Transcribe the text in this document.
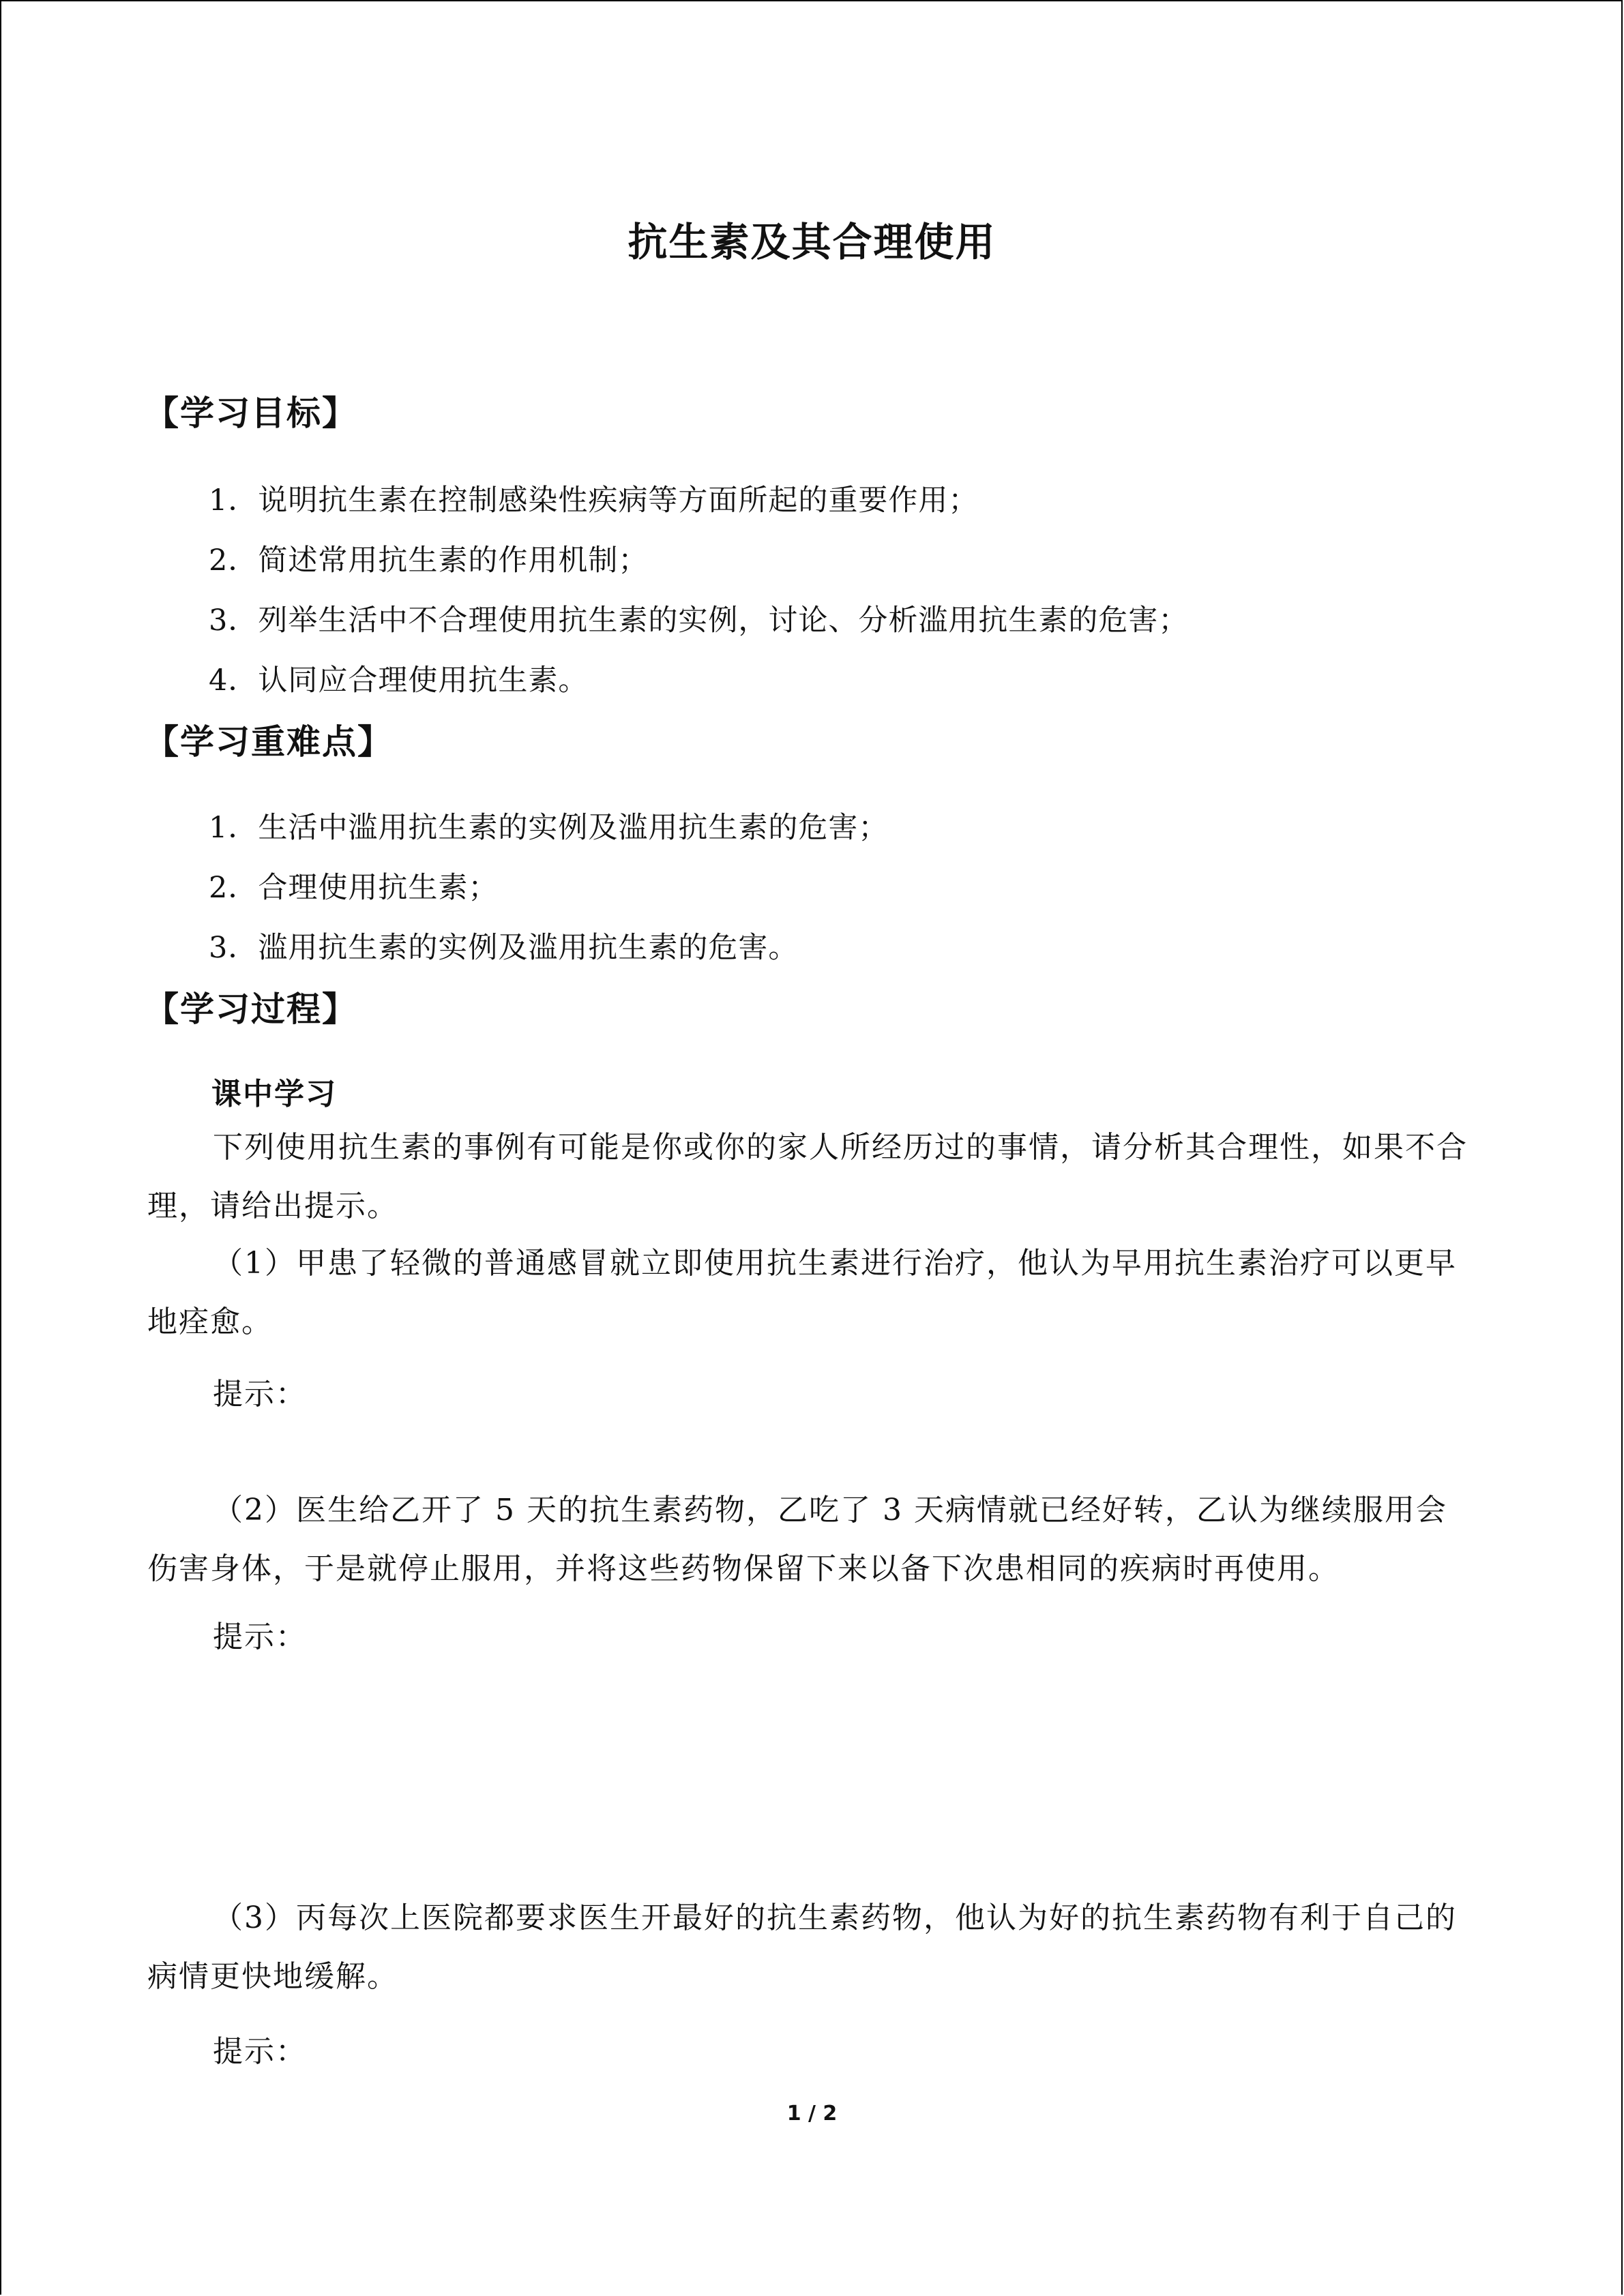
抗生素及其合理使用
【学习目标】
1．说明抗生素在控制感染性疾病等方面所起的重要作用；
2．简述常用抗生素的作用机制；
3．列举生活中不合理使用抗生素的实例，讨论、分析滥用抗生素的危害；
4．认同应合理使用抗生素。
【学习重难点】
1．生活中滥用抗生素的实例及滥用抗生素的危害；
2．合理使用抗生素；
3．滥用抗生素的实例及滥用抗生素的危害。
【学习过程】
课中学习

下列使用抗生素的事例有可能是你或你的家人所经历过的事情，请分析其合理性，如果不合理，请给出提示。

（1）甲患了轻微的普通感冒就立即使用抗生素进行治疗，他认为早用抗生素治疗可以更早地痊愈。

提示：

（2）医生给乙开了 5 天的抗生素药物，乙吃了 3 天病情就已经好转，乙认为继续服用会伤害身体，于是就停止服用，并将这些药物保留下来以备下次患相同的疾病时再使用。

提示：

（3）丙每次上医院都要求医生开最好的抗生素药物，他认为好的抗生素药物有利于自己的病情更快地缓解。

提示：
1 / 2
